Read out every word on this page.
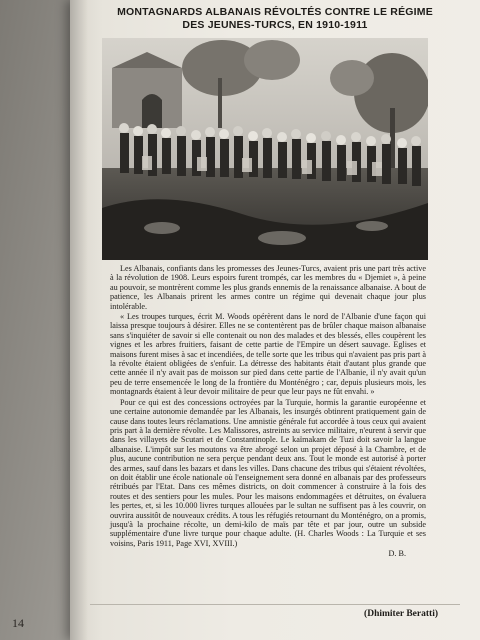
MONTAGNARDS ALBANAIS RÉVOLTÉS CONTRE LE RÉGIME
DES JEUNES-TURCS, EN 1910-1911

Les Albanais, confiants dans les promesses des Jeunes-Turcs, avaient pris une part très active à la révolution de 1908. Leurs espoirs furent trompés, car les membres du « Djemiet », à peine au pouvoir, se montrèrent comme les plus grands ennemis de la renaissance albanaise. A bout de patience, les Albanais prirent les armes contre un régime qui devenait chaque jour plus intolérable.

« Les troupes turques, écrit M. Woods opérèrent dans le nord de l'Albanie d'une façon qui laissa presque toujours à désirer. Elles ne se contentèrent pas de brûler chaque maison albanaise sans s'inquiéter de savoir si elle contenait ou non des malades et des blessés, elles coupèrent les vignes et les arbres fruitiers, faisant de cette partie de l'Empire un désert sauvage. Eglises et maisons furent mises à sac et incendiées, de telle sorte que les tribus qui n'avaient pas pris part à la révolte étaient obligées de s'enfuir. La détresse des habitants était d'autant plus grande que cette année il n'y avait pas de moisson sur pied dans cette partie de l'Albanie, il n'y avait qu'un peu de terre ensemencée le long de la frontière du Monténégro ; car, depuis plusieurs mois, les montagnards étaient à leur devoir militaire de peur que leur pays ne fût envahi. »

Pour ce qui est des concessions octroyées par la Turquie, hormis la garantie européenne et une certaine autonomie demandée par les Albanais, les insurgés obtinrent pratiquement gain de cause dans toutes leurs réclamations. Une amnistie générale fut accordée à tous ceux qui avaient pris part à la dernière révolte. Les Malissores, astreints au service militaire, n'eurent à servir que dans les villayets de Scutari et de Constantinople. Le kaïmakam de Tuzi doit savoir la langue albanaise. L'impôt sur les moutons va être abrogé selon un projet déposé à la Chambre, et de plus, aucune contribution ne sera perçue pendant deux ans. Tout le monde est autorisé à porter des armes, sauf dans les bazars et dans les villes. Dans chacune des tribus qui s'étaient révoltées, on doit établir une école nationale où l'enseignement sera donné en albanais par des professeurs rétribués par l'Etat. Dans ces mêmes districts, on doit commencer à construire à la fois des routes et des sentiers pour les mules. Pour les maisons endommagées et détruites, on évaluera les pertes, et, si les 10.000 livres turques allouées par le sultan ne suffisent pas à les couvrir, on ouvrira aussitôt de nouveaux crédits. A tous les réfugiés retournant du Monténégro, on a promis, jusqu'à la prochaine récolte, un demi-kilo de maïs par tête et par jour, outre un subside supplémentaire d'une livre turque pour chaque adulte. (H. Charles Woods : La Turquie et ses voisins, Paris 1911, Page XVI, XVIII.)

D. B.

(Dhimiter Beratti)
14
